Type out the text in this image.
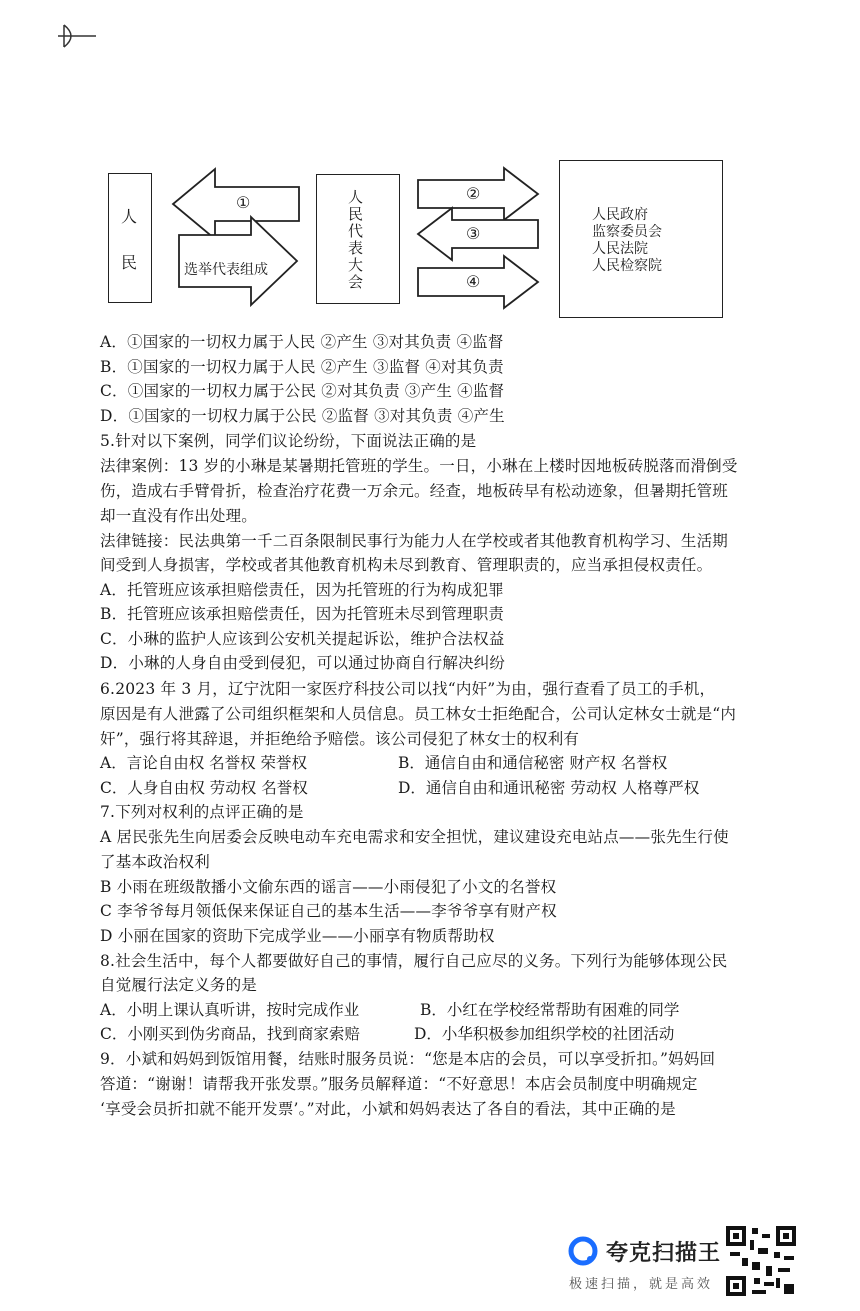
人
民
①
选举代表组成	人民代表大会	②
③
④
人民政府
监察委员会
人民法院
人民检察院
A．①国家的一切权力属于人民 ②产生 ③对其负责 ④监督
B．①国家的一切权力属于人民 ②产生 ③监督 ④对其负责
C．①国家的一切权力属于公民 ②对其负责 ③产生 ④监督
D．①国家的一切权力属于公民 ②监督 ③对其负责 ④产生
5.针对以下案例，同学们议论纷纷，下面说法正确的是
法律案例：13 岁的小琳是某暑期托管班的学生。一日，小琳在上楼时因地板砖脱落而滑倒受
伤，造成右手臂骨折，检查治疗花费一万余元。经查，地板砖早有松动迹象，但暑期托管班
却一直没有作出处理。
法律链接：民法典第一千二百条限制民事行为能力人在学校或者其他教育机构学习、生活期
间受到人身损害，学校或者其他教育机构未尽到教育、管理职责的，应当承担侵权责任。
A．托管班应该承担赔偿责任，因为托管班的行为构成犯罪
B．托管班应该承担赔偿责任，因为托管班未尽到管理职责
C．小琳的监护人应该到公安机关提起诉讼，维护合法权益
D．小琳的人身自由受到侵犯，可以通过协商自行解决纠纷
6.2023 年 3 月，辽宁沈阳一家医疗科技公司以找“内奸”为由，强行查看了员工的手机，
原因是有人泄露了公司组织框架和人员信息。员工林女士拒绝配合，公司认定林女士就是“内
奸”，强行将其辞退，并拒绝给予赔偿。该公司侵犯了林女士的权利有
A．言论自由权 名誉权 荣誉权	B．通信自由和通信秘密 财产权 名誉权
C．人身自由权 劳动权 名誉权	D．通信自由和通讯秘密 劳动权 人格尊严权
7.下列对权利的点评正确的是
A 居民张先生向居委会反映电动车充电需求和安全担忧，建议建设充电站点——张先生行使
了基本政治权利
B 小雨在班级散播小文偷东西的谣言——小雨侵犯了小文的名誉权
C 李爷爷每月领低保来保证自己的基本生活——李爷爷享有财产权
D 小丽在国家的资助下完成学业——小丽享有物质帮助权
8.社会生活中，每个人都要做好自己的事情，履行自己应尽的义务。下列行为能够体现公民
自觉履行法定义务的是
A．小明上课认真听讲，按时完成作业	B．小红在学校经常帮助有困难的同学
C．小刚买到伪劣商品，找到商家索赔	D．小华积极参加组织学校的社团活动
9．小斌和妈妈到饭馆用餐，结账时服务员说：“您是本店的会员，可以享受折扣。”妈妈回
答道：“谢谢！请帮我开张发票。”服务员解释道：“不好意思！本店会员制度中明确规定
‘享受会员折扣就不能开发票’。”对此，小斌和妈妈表达了各自的看法，其中正确的是
夸克扫描王
极速扫描，就是高效
